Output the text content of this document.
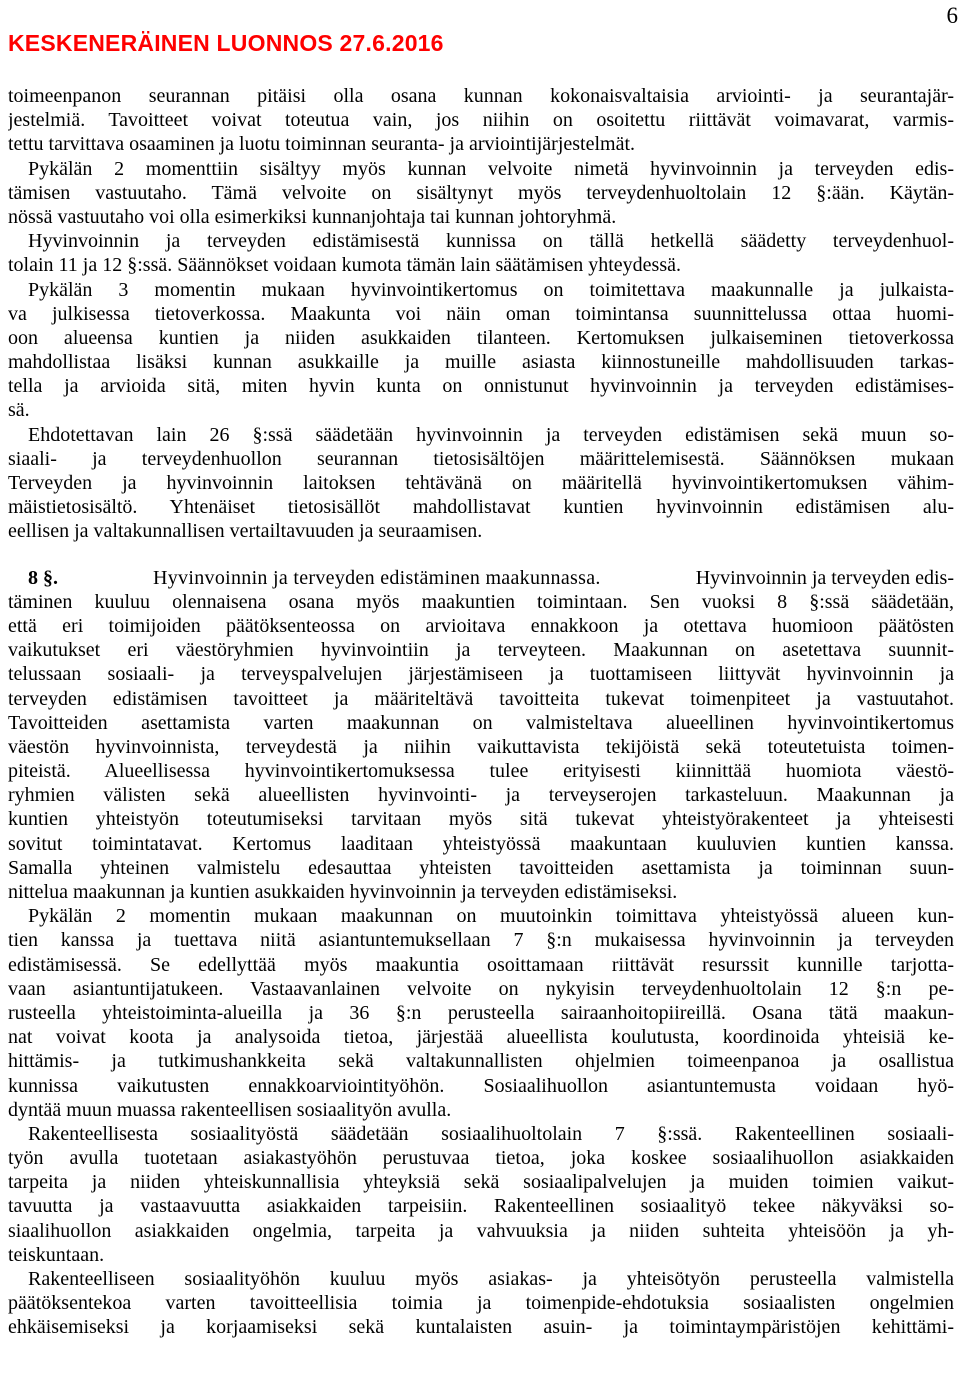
6
KESKENERÄINEN LUONNOS 27.6.2016
toimeenpanon seurannan pitäisi olla osana kunnan kokonaisvaltaisia arviointi- ja seurantajär-
jestelmiä. Tavoitteet voivat toteutua vain, jos niihin on osoitettu riittävät voimavarat, varmis-
tettu tarvittava osaaminen ja luotu toiminnan seuranta- ja arviointijärjestelmät.
Pykälän 2 momenttiin sisältyy myös kunnan velvoite nimetä hyvinvoinnin ja terveyden edis-
tämisen vastuutaho. Tämä velvoite on sisältynyt myös terveydenhuoltolain 12 §:ään. Käytän-
nössä vastuutaho voi olla esimerkiksi kunnanjohtaja tai kunnan johtoryhmä.
Hyvinvoinnin ja terveyden edistämisestä kunnissa on tällä hetkellä säädetty terveydenhuol-
tolain 11 ja 12 §:ssä. Säännökset voidaan kumota tämän lain säätämisen yhteydessä.
Pykälän 3 momentin mukaan hyvinvointikertomus on toimitettava maakunnalle ja julkaista-
va julkisessa tietoverkossa. Maakunta voi näin oman toimintansa suunnittelussa ottaa huomi-
oon alueensa kuntien ja niiden asukkaiden tilanteen. Kertomuksen julkaiseminen tietoverkossa
mahdollistaa lisäksi kunnan asukkaille ja muille asiasta kiinnostuneille mahdollisuuden tarkas-
tella ja arvioida sitä, miten hyvin kunta on onnistunut hyvinvoinnin ja terveyden edistämises-
sä.
Ehdotettavan lain 26 §:ssä säädetään hyvinvoinnin ja terveyden edistämisen sekä muun so-
siaali- ja terveydenhuollon seurannan tietosisältöjen määrittelemisestä. Säännöksen mukaan
Terveyden ja hyvinvoinnin laitoksen tehtävänä on määritellä hyvinvointikertomuksen vähim-
mäistietosisältö. Yhtenäiset tietosisällöt mahdollistavat kuntien hyvinvoinnin edistämisen alu-
eellisen ja valtakunnallisen vertailtavuuden ja seuraamisen.
8 §.	Hyvinvoinnin ja terveyden edistäminen maakunnassa.	Hyvinvoinnin ja terveyden edis-
täminen kuuluu olennaisena osana myös maakuntien toimintaan. Sen vuoksi 8 §:ssä säädetään,
että eri toimijoiden päätöksenteossa on arvioitava ennakkoon ja otettava huomioon päätösten
vaikutukset eri väestöryhmien hyvinvointiin ja terveyteen. Maakunnan on asetettava suunnit-
telussaan sosiaali- ja terveyspalvelujen järjestämiseen ja tuottamiseen liittyvät hyvinvoinnin ja
terveyden edistämisen tavoitteet ja määriteltävä tavoitteita tukevat toimenpiteet ja vastuutahot.
Tavoitteiden asettamista varten maakunnan on valmisteltava alueellinen hyvinvointikertomus
väestön hyvinvoinnista, terveydestä ja niihin vaikuttavista tekijöistä sekä toteutetuista toimen-
piteistä. Alueellisessa hyvinvointikertomuksessa tulee erityisesti kiinnittää huomiota väestö-
ryhmien välisten sekä alueellisten hyvinvointi- ja terveyserojen tarkasteluun. Maakunnan ja
kuntien yhteistyön toteutumiseksi tarvitaan myös sitä tukevat yhteistyörakenteet ja yhteisesti
sovitut toimintatavat. Kertomus laaditaan yhteistyössä maakuntaan kuuluvien kuntien kanssa.
Samalla yhteinen valmistelu edesauttaa yhteisten tavoitteiden asettamista ja toiminnan suun-
nittelua maakunnan ja kuntien asukkaiden hyvinvoinnin ja terveyden edistämiseksi.
Pykälän 2 momentin mukaan maakunnan on muutoinkin toimittava yhteistyössä alueen kun-
tien kanssa ja tuettava niitä asiantuntemuksellaan 7 §:n mukaisessa hyvinvoinnin ja terveyden
edistämisessä. Se edellyttää myös maakuntia osoittamaan riittävät resurssit kunnille tarjotta-
vaan asiantuntijatukeen. Vastaavanlainen velvoite on nykyisin terveydenhuoltolain 12 §:n pe-
rusteella yhteistoiminta-alueilla ja 36 §:n perusteella sairaanhoitopiireillä. Osana tätä maakun-
nat voivat koota ja analysoida tietoa, järjestää alueellista koulutusta, koordinoida yhteisiä ke-
hittämis- ja tutkimushankkeita sekä valtakunnallisten ohjelmien toimeenpanoa ja osallistua
kunnissa vaikutusten ennakkoarviointityöhön. Sosiaalihuollon asiantuntemusta voidaan hyö-
dyntää muun muassa rakenteellisen sosiaalityön avulla.
Rakenteellisesta sosiaalityöstä säädetään sosiaalihuoltolain 7 §:ssä. Rakenteellinen sosiaali-
työn avulla tuotetaan asiakastyöhön perustuvaa tietoa, joka koskee sosiaalihuollon asiakkaiden
tarpeita ja niiden yhteiskunnallisia yhteyksiä sekä sosiaalipalvelujen ja muiden toimien vaikut-
tavuutta ja vastaavuutta asiakkaiden tarpeisiin. Rakenteellinen sosiaalityö tekee näkyväksi so-
siaalihuollon asiakkaiden ongelmia, tarpeita ja vahvuuksia ja niiden suhteita yhteisöön ja yh-
teiskuntaan.
Rakenteelliseen sosiaalityöhön kuuluu myös asiakas- ja yhteisötyön perusteella valmistella
päätöksentekoa varten tavoitteellisia toimia ja toimenpide-ehdotuksia sosiaalisten ongelmien
ehkäisemiseksi ja korjaamiseksi sekä kuntalaisten asuin- ja toimintaympäristöjen kehittämi-
